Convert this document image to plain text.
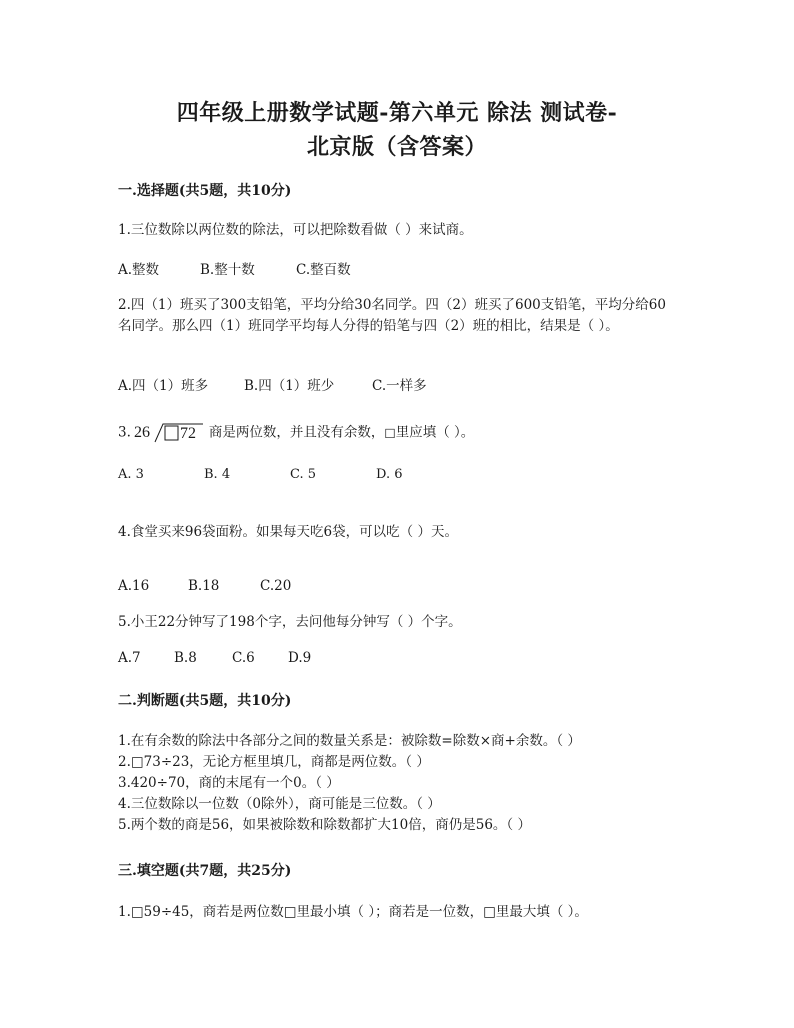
四年级上册数学试题-第六单元 除法 测试卷-
北京版（含答案）
一.选择题(共5题，共10分)
1.三位数除以两位数的除法，可以把除数看做（ ）来试商。
A.整数	B.整十数	C.整百数
2.四（1）班买了300支铅笔，平均分给30名同学。四（2）班买了600支铅笔，平均分给60名同学。那么四（1）班同学平均每人分得的铅笔与四（2）班的相比，结果是（ ）。
A.四（1）班多	B.四（1）班少	C.一样多
3. 26 72 商是两位数，并且没有余数，□里应填（ ）。
A. 3	B. 4	C. 5	D. 6
4.食堂买来96袋面粉。如果每天吃6袋，可以吃（ ）天。
A.16	B.18	C.20
5.小王22分钟写了198个字，去问他每分钟写（ ）个字。
A.7 B.8	C.6 D.9
二.判断题(共5题，共10分)
1.在有余数的除法中各部分之间的数量关系是：被除数=除数×商+余数。（ ）
2.□73÷23，无论方框里填几，商都是两位数。（ ）
3.420÷70，商的末尾有一个0。（ ）
4.三位数除以一位数（0除外），商可能是三位数。（ ）
5.两个数的商是56，如果被除数和除数都扩大10倍，商仍是56。（ ）
三.填空题(共7题，共25分)
1.□59÷45，商若是两位数□里最小填（ ）；商若是一位数，□里最大填（ ）。
